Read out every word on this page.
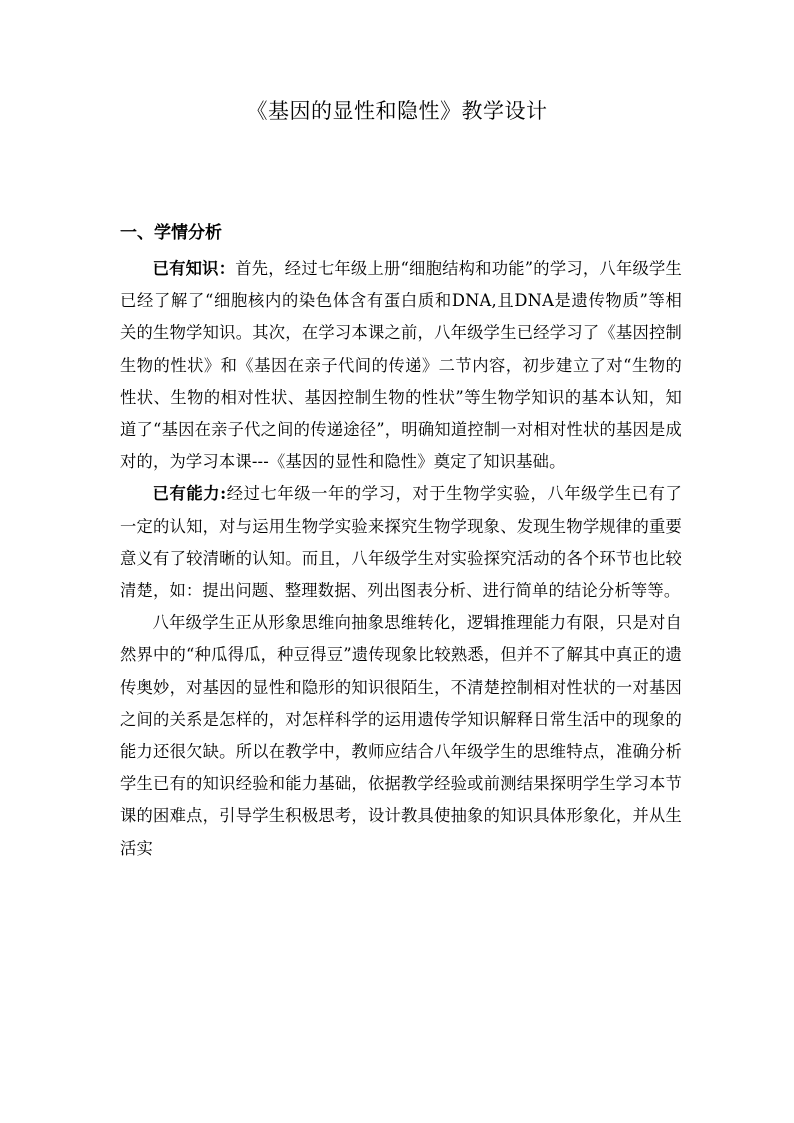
《基因的显性和隐性》教学设计
一、学情分析

已有知识：首先，经过七年级上册“细胞结构和功能”的学习，八年级学生已经了解了“细胞核内的染色体含有蛋白质和DNA,且DNA是遗传物质”等相关的生物学知识。其次，在学习本课之前，八年级学生已经学习了《基因控制生物的性状》和《基因在亲子代间的传递》二节内容，初步建立了对“生物的性状、生物的相对性状、基因控制生物的性状”等生物学知识的基本认知，知道了“基因在亲子代之间的传递途径”，明确知道控制一对相对性状的基因是成对的，为学习本课---《基因的显性和隐性》奠定了知识基础。

已有能力:经过七年级一年的学习，对于生物学实验，八年级学生已有了一定的认知，对与运用生物学实验来探究生物学现象、发现生物学规律的重要意义有了较清晰的认知。而且，八年级学生对实验探究活动的各个环节也比较清楚，如：提出问题、整理数据、列出图表分析、进行简单的结论分析等等。

八年级学生正从形象思维向抽象思维转化，逻辑推理能力有限，只是对自然界中的“种瓜得瓜，种豆得豆”遗传现象比较熟悉，但并不了解其中真正的遗传奥妙，对基因的显性和隐形的知识很陌生，不清楚控制相对性状的一对基因之间的关系是怎样的，对怎样科学的运用遗传学知识解释日常生活中的现象的能力还很欠缺。所以在教学中，教师应结合八年级学生的思维特点，准确分析学生已有的知识经验和能力基础，依据教学经验或前测结果探明学生学习本节课的困难点，引导学生积极思考，设计教具使抽象的知识具体形象化，并从生活实
